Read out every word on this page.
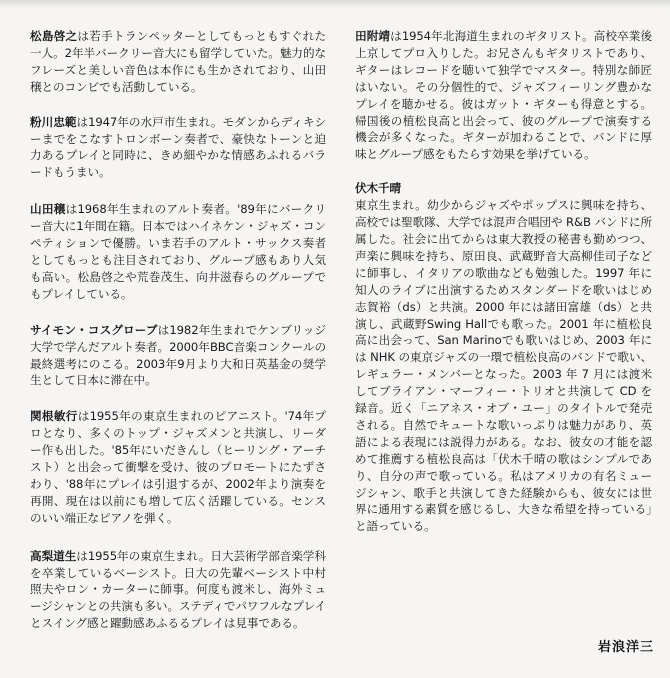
松島啓之は若手トランペッターとしてもっともすぐれた一人。2年半バークリー音大にも留学していた。魅力的なフレーズと美しい音色は本作にも生かされており、山田穣とのコンビでも活動している。

粉川忠範は1947年の水戸市生まれ。モダンからディキシーまでをこなすトロンボーン奏者で、豪快なトーンと迫力あるプレイと同時に、きめ細やかな情感あふれるバラードもうまい。

山田穣は1968年生まれのアルト奏者。'89年にバークリー音大に1年間在籍。日本ではハイネケン・ジャズ・コンペティションで優勝。いま若手のアルト・サックス奏者としてもっとも注目されており、グループ感もあり人気も高い。松島啓之や荒巻茂生、向井滋春らのグループでもプレイしている。

サイモン・コスグローブは1982年生まれでケンブリッジ大学で学んだアルト奏者。2000年BBC音楽コンクールの最終選考にのこる。2003年9月より大和日英基金の奨学生として日本に滞在中。

関根敏行は1955年の東京生まれのピアニスト。'74年プロとなり、多くのトップ・ジャズメンと共演し、リーダー作も出した。'85年にいだきんし（ヒーリング・アーチスト）と出会って衝撃を受け、彼のプロモートにたずさわり、'88年にプレイは引退するが、2002年より演奏を再開、現在は以前にも増して広く活躍している。センスのいい端正なピアノを弾く。

高梨道生は1955年の東京生まれ。日大芸術学部音楽学科を卒業しているベーシスト。日大の先輩ベーシスト中村照夫やロン・カーターに師事。何度も渡米し、海外ミュージシャンとの共演も多い。ステディでパワフルなプレイとスイング感と躍動感あふるるプレイは見事である。

田附靖は1954年北海道生まれのギタリスト。高校卒業後上京してプロ入りした。お兄さんもギタリストであり、ギターはレコードを聴いて独学でマスター。特別な師匠はいない。その分個性的で、ジャズフィーリング豊かなプレイを聴かせる。彼はガット・ギターも得意とする。帰国後の植松良高と出会って、彼のグループで演奏する機会が多くなった。ギターが加わることで、バンドに厚味とグループ感をもたらす効果を挙げている。

伏木千晴
東京生まれ。幼少からジャズやポップスに興味を持ち、高校では聖歌隊、大学では混声合唱団や R&B バンドに所属した。社会に出てからは東大教授の秘書も勤めつつ、声楽に興味を持ち、原田良、武蔵野音大高柳佳司子などに師事し、イタリアの歌曲なども勉強した。1997 年に知人のライブに出演するためスタンダードを歌いはじめ志賀裕（ds）と共演。2000 年には諸田富雄（ds）と共演し、武蔵野Swing Hallでも歌った。2001 年に植松良高に出会って、San Marinoでも歌いはじめ、2003 年には NHK の東京ジャズの一環で植松良高のバンドで歌い、レギュラー・メンバーとなった。2003 年 7 月には渡米してブライアン・マーフィー・トリオと共演して CD を録音。近く「ニアネス・オブ・ユー」のタイトルで発売される。自然でキュートな歌いっぷりは魅力があり、英語による表現には説得力がある。なお、彼女の才能を認めて推薦する植松良高は「伏木千晴の歌はシンプルであり、自分の声で歌っている。私はアメリカの有名ミュージシャン、歌手と共演してきた経験からも、彼女には世界に通用する素質を感じるし、大きな希望を持っている」と語っている。

岩浪洋三
